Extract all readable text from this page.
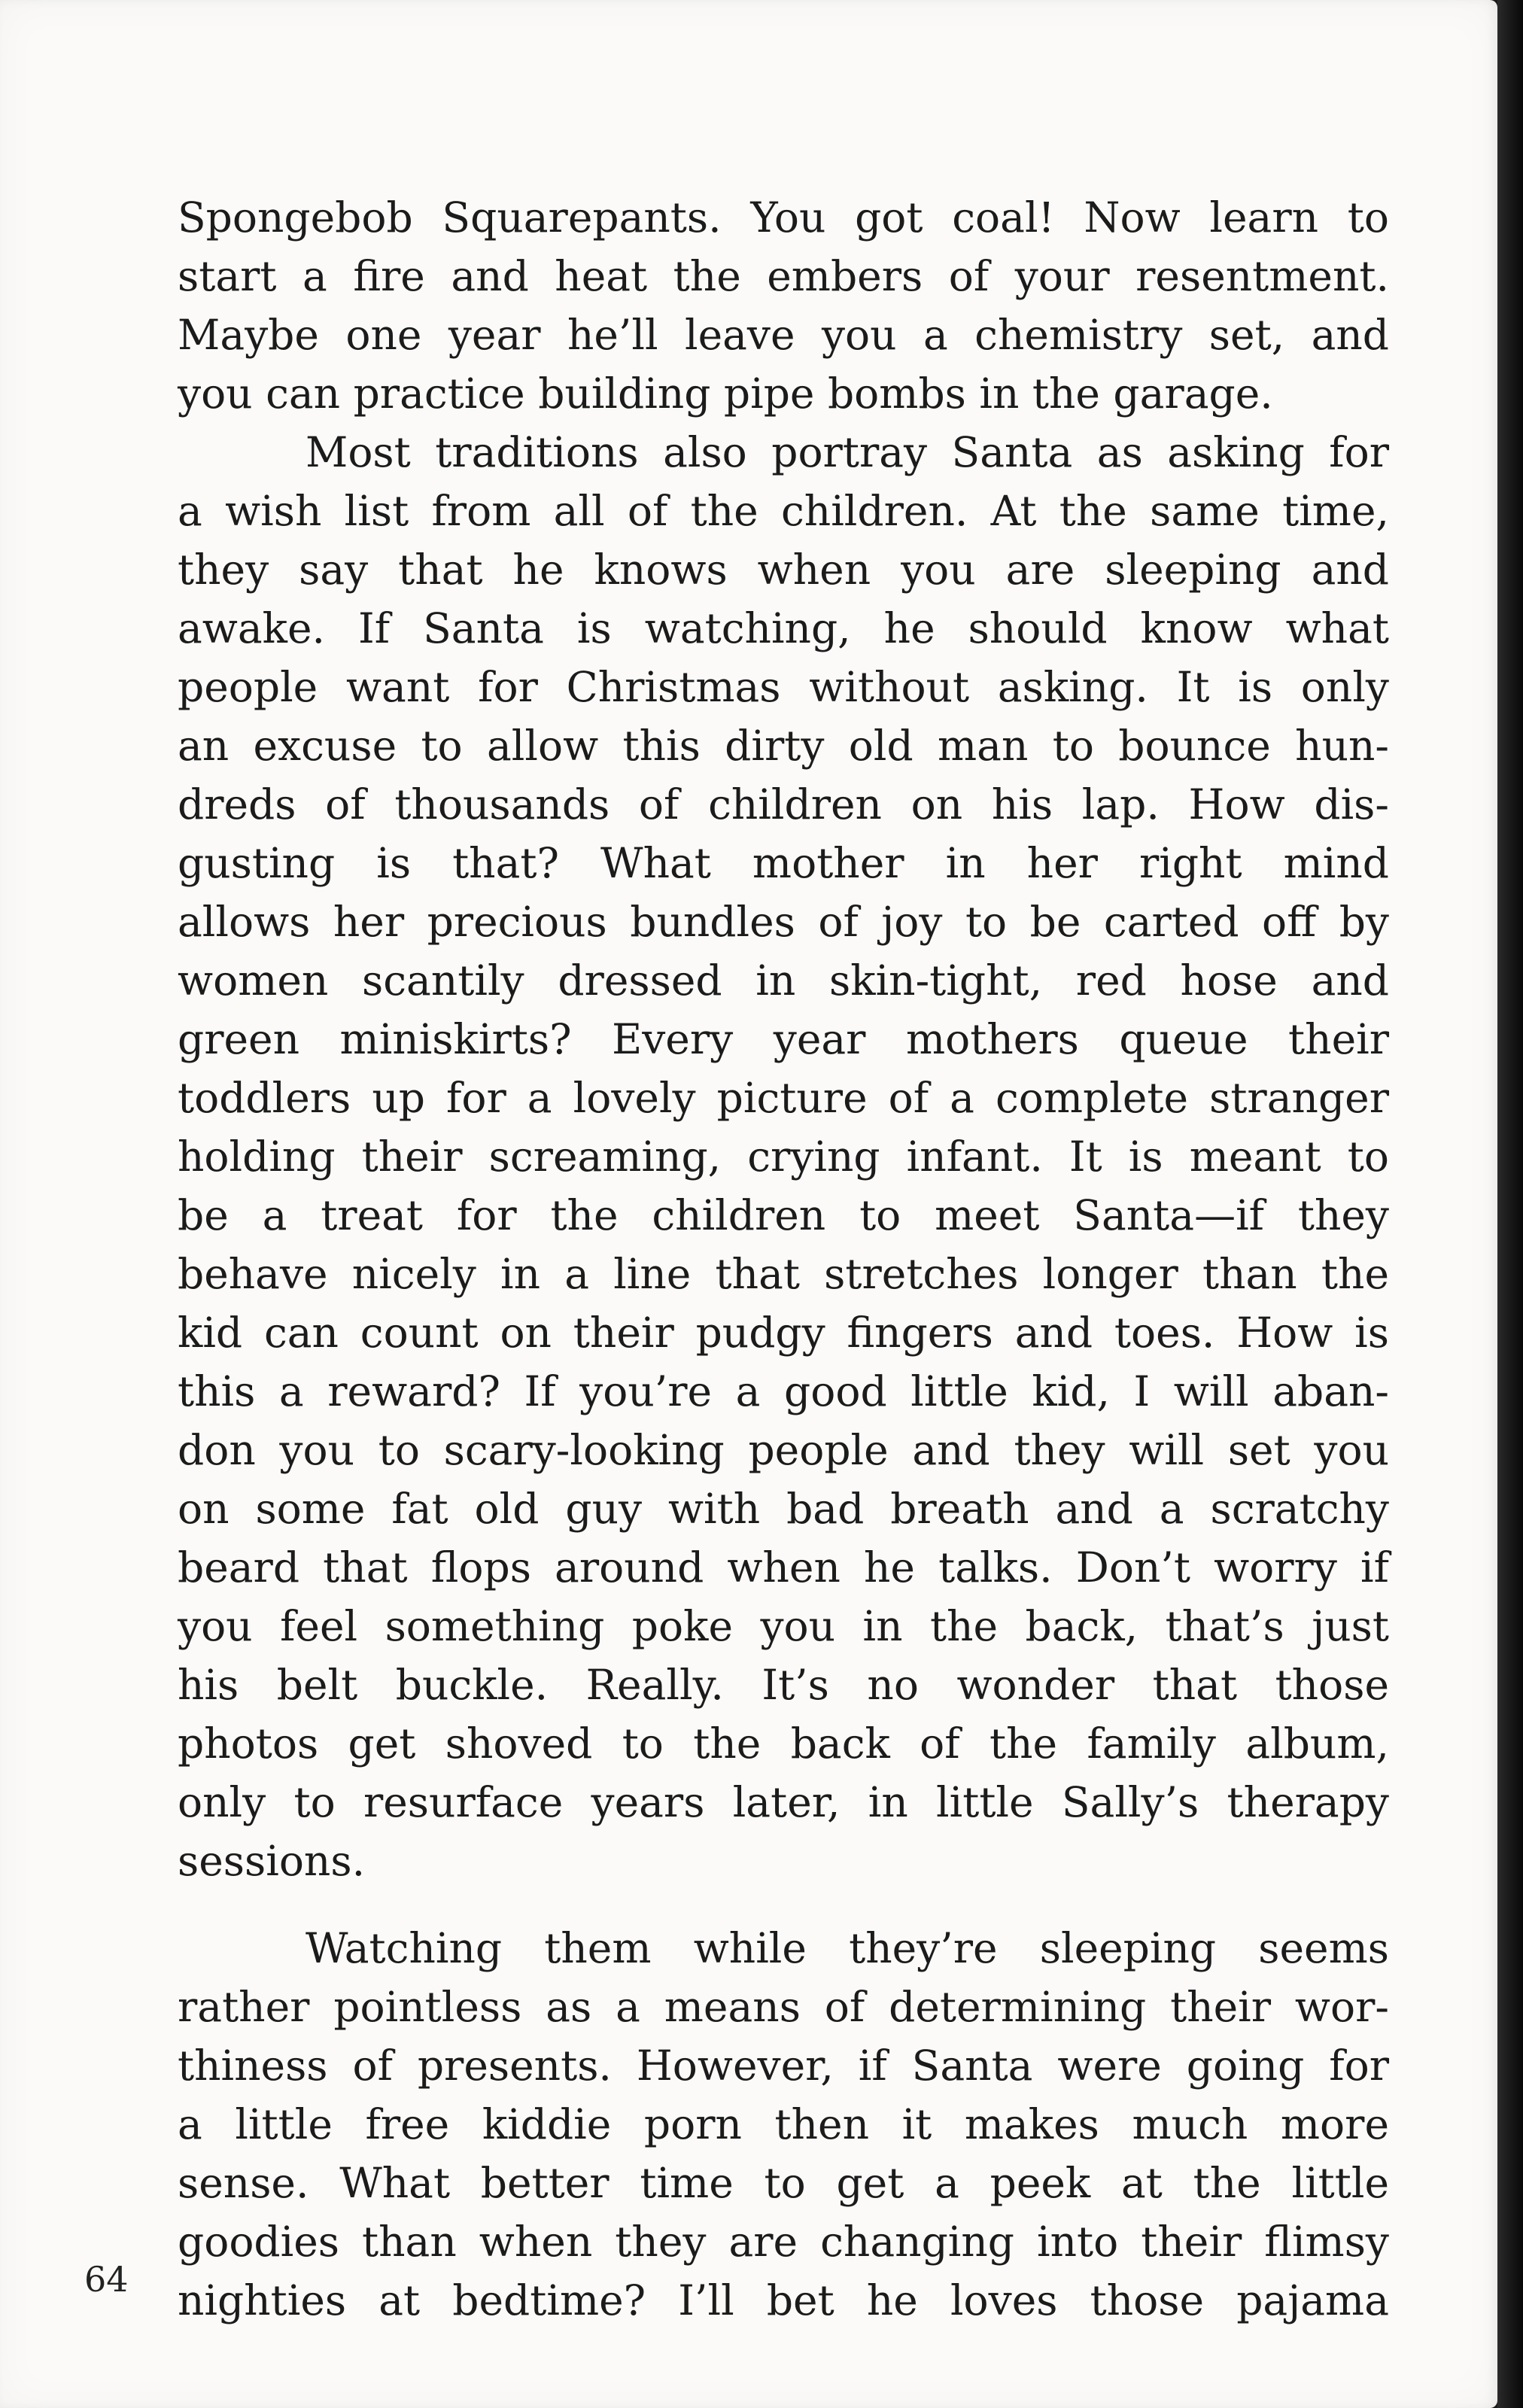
Spongebob Squarepants. You got coal! Now learn to
start a fire and heat the embers of your resentment.
Maybe one year he’ll leave you a chemistry set, and
you can practice building pipe bombs in the garage.

Most traditions also portray Santa as asking for
a wish list from all of the children. At the same time,
they say that he knows when you are sleeping and
awake. If Santa is watching, he should know what
people want for Christmas without asking. It is only
an excuse to allow this dirty old man to bounce hun-
dreds of thousands of children on his lap. How dis-
gusting is that? What mother in her right mind
allows her precious bundles of joy to be carted off by
women scantily dressed in skin-tight, red hose and
green miniskirts? Every year mothers queue their
toddlers up for a lovely picture of a complete stranger
holding their screaming, crying infant. It is meant to
be a treat for the children to meet Santa—if they
behave nicely in a line that stretches longer than the
kid can count on their pudgy fingers and toes. How is
this a reward? If you’re a good little kid, I will aban-
don you to scary-looking people and they will set you
on some fat old guy with bad breath and a scratchy
beard that flops around when he talks. Don’t worry if
you feel something poke you in the back, that’s just
his belt buckle. Really. It’s no wonder that those
photos get shoved to the back of the family album,
only to resurface years later, in little Sally’s therapy
sessions.

Watching them while they’re sleeping seems
rather pointless as a means of determining their wor-
thiness of presents. However, if Santa were going for
a little free kiddie porn then it makes much more
sense. What better time to get a peek at the little
goodies than when they are changing into their flimsy
nighties at bedtime? I’ll bet he loves those pajama

64
